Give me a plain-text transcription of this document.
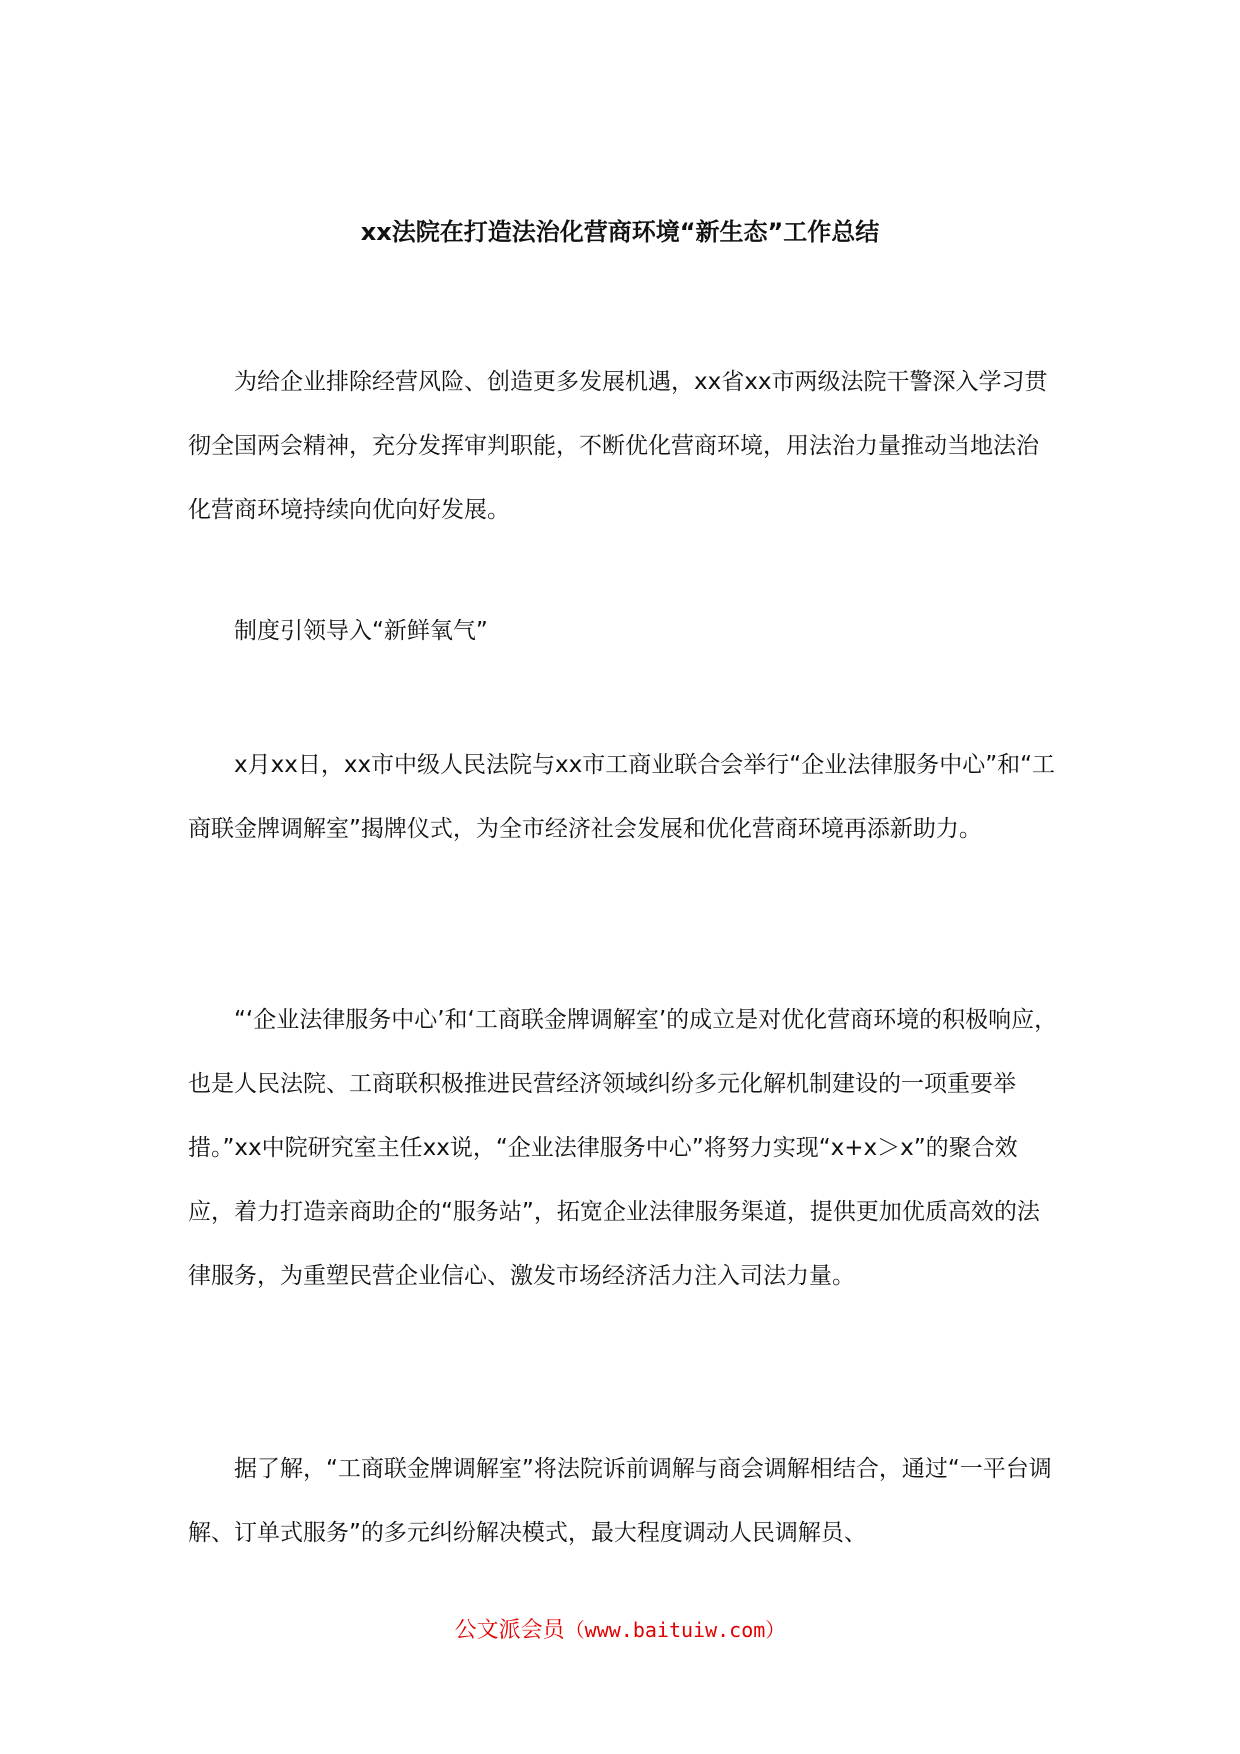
xx法院在打造法治化营商环境“新生态”工作总结

为给企业排除经营风险、创造更多发展机遇，xx省xx市两级法院干警深入学习贯彻全国两会精神，充分发挥审判职能，不断优化营商环境，用法治力量推动当地法治化营商环境持续向优向好发展。

制度引领导入“新鲜氧气”

x月xx日，xx市中级人民法院与xx市工商业联合会举行“企业法律服务中心”和“工商联金牌调解室”揭牌仪式，为全市经济社会发展和优化营商环境再添新助力。

“‘企业法律服务中心’和‘工商联金牌调解室’的成立是对优化营商环境的积极响应，也是人民法院、工商联积极推进民营经济领域纠纷多元化解机制建设的一项重要举措。”xx中院研究室主任xx说，“企业法律服务中心”将努力实现“x+x＞x”的聚合效应，着力打造亲商助企的“服务站”，拓宽企业法律服务渠道，提供更加优质高效的法律服务，为重塑民营企业信心、激发市场经济活力注入司法力量。

据了解，“工商联金牌调解室”将法院诉前调解与商会调解相结合，通过“一平台调解、订单式服务”的多元纠纷解决模式，最大程度调动人民调解员、

公文派会员（www.baituiw.com）
